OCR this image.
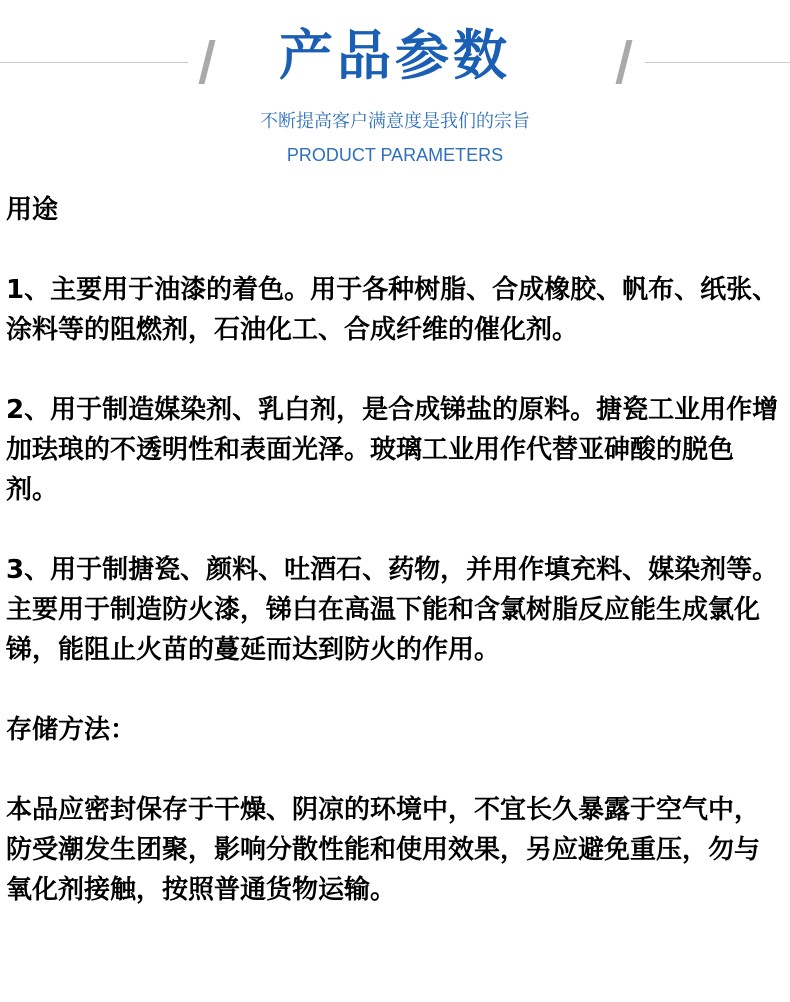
产品参数
不断提高客户满意度是我们的宗旨
PRODUCT PARAMETERS

用途

1、主要用于油漆的着色。用于各种树脂、合成橡胶、帆布、纸张、涂料等的阻燃剂，石油化工、合成纤维的催化剂。

2、用于制造媒染剂、乳白剂，是合成锑盐的原料。搪瓷工业用作增加珐琅的不透明性和表面光泽。玻璃工业用作代替亚砷酸的脱色剂。

3、用于制搪瓷、颜料、吐酒石、药物，并用作填充料、媒染剂等。 主要用于制造防火漆，锑白在高温下能和含氯树脂反应能生成氯化锑，能阻止火苗的蔓延而达到防火的作用。

存储方法：

本品应密封保存于干燥、阴凉的环境中，不宜长久暴露于空气中，防受潮发生团聚，影响分散性能和使用效果，另应避免重压，勿与氧化剂接触，按照普通货物运输。
